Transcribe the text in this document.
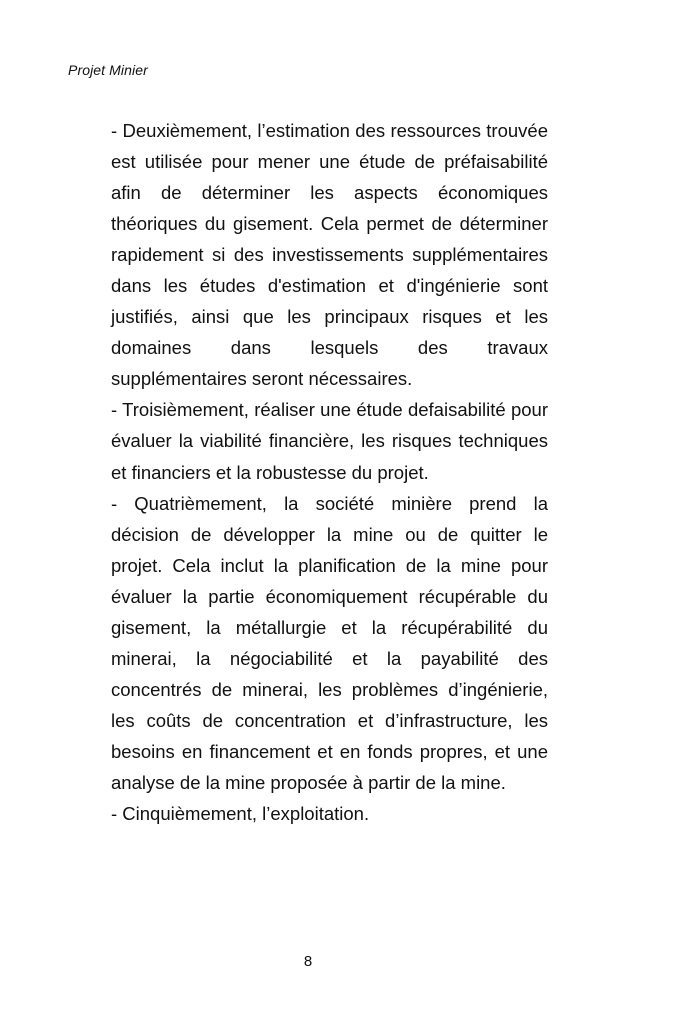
Projet Minier

- Deuxièmement, l’estimation des ressources trouvée est utilisée pour mener une étude de préfaisabilité afin de déterminer les aspects économiques théoriques du gisement. Cela permet de déterminer rapidement si des investissements supplémentaires dans les études d'estimation et d'ingénierie sont justifiés, ainsi que les principaux risques et les domaines dans lesquels des travaux supplémentaires seront nécessaires.

- Troisièmement, réaliser une étude defaisabilité pour évaluer la viabilité financière, les risques techniques et financiers et la robustesse du projet.

- Quatrièmement, la société minière prend la décision de développer la mine ou de quitter le projet. Cela inclut la planification de la mine pour évaluer la partie économiquement récupérable du gisement, la métallurgie et la récupérabilité du minerai, la négociabilité et la payabilité des concentrés de minerai, les problèmes d’ingénierie, les coûts de concentration et d’infrastructure, les besoins en financement et en fonds propres, et une analyse de la mine proposée à partir de la mine.

- Cinquièmement, l’exploitation.

8
